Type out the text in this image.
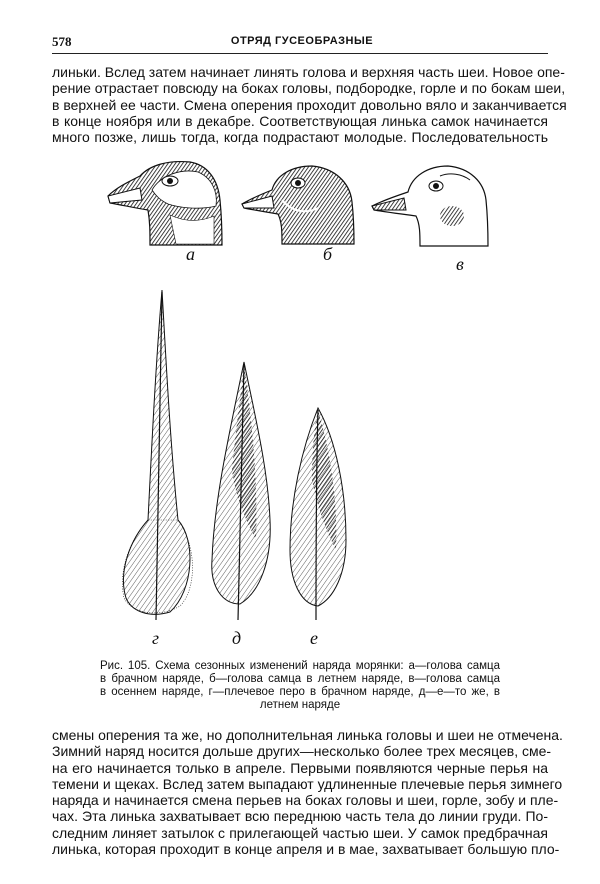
578	ОТРЯД ГУСЕОБРАЗНЫЕ
линьки. Вслед затем начинает линять голова и верхняя часть шеи. Новое опе-
рение отрастает повсюду на боках головы, подбородке, горле и по бокам шеи,
в верхней ее части. Смена оперения проходит довольно вяло и заканчивается
в конце ноября или в декабре. Соответствующая линька самок начинается
много позже, лишь тогда, когда подрастают молодые. Последовательность
а	б	в
г	д	е
Рис. 105. Схема сезонных изменений наряда морянки: а—голова самца
в брачном наряде, б—голова самца в летнем наряде, в—голова самца
в осеннем наряде, г—плечевое перо в брачном наряде, д—е—то же, в
летнем наряде
смены оперения та же, но дополнительная линька головы и шеи не отмечена.
Зимний наряд носится дольше других—несколько более трех месяцев, сме-
на его начинается только в апреле. Первыми появляются черные перья на
темени и щеках. Вслед затем выпадают удлиненные плечевые перья зимнего
наряда и начинается смена перьев на боках головы и шеи, горле, зобу и пле-
чах. Эта линька захватывает всю переднюю часть тела до линии груди. По-
следним линяет затылок с прилегающей частью шеи. У самок предбрачная
линька, которая проходит в конце апреля и в мае, захватывает большую пло-
